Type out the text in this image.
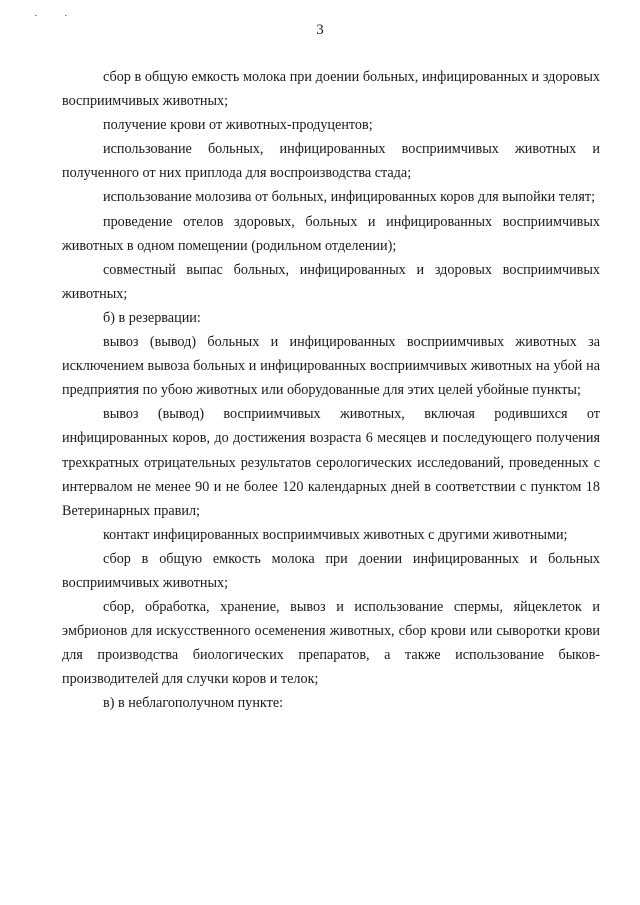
· ·
3

сбор в общую емкость молока при доении больных, инфицированных и здоровых восприимчивых животных;

получение крови от животных-продуцентов;

использование больных, инфицированных восприимчивых животных и полученного от них приплода для воспроизводства стада;

использование молозива от больных, инфицированных коров для выпойки телят;

проведение отелов здоровых, больных и инфицированных восприимчивых животных в одном помещении (родильном отделении);

совместный выпас больных, инфицированных и здоровых восприимчивых животных;

б) в резервации:

вывоз (вывод) больных и инфицированных восприимчивых животных за исключением вывоза больных и инфицированных восприимчивых животных на убой на предприятия по убою животных или оборудованные для этих целей убойные пункты;

вывоз (вывод) восприимчивых животных, включая родившихся от инфицированных коров, до достижения возраста 6 месяцев и последующего получения трехкратных отрицательных результатов серологических исследований, проведенных с интервалом не менее 90 и не более 120 календарных дней в соответствии с пунктом 18 Ветеринарных правил;

контакт инфицированных восприимчивых животных с другими животными;

сбор в общую емкость молока при доении инфицированных и больных восприимчивых животных;

сбор, обработка, хранение, вывоз и использование спермы, яйцеклеток и эмбрионов для искусственного осеменения животных, сбор крови или сыворотки крови для производства биологических препаратов, а также использование быков-производителей для случки коров и телок;

в) в неблагополучном пункте:
